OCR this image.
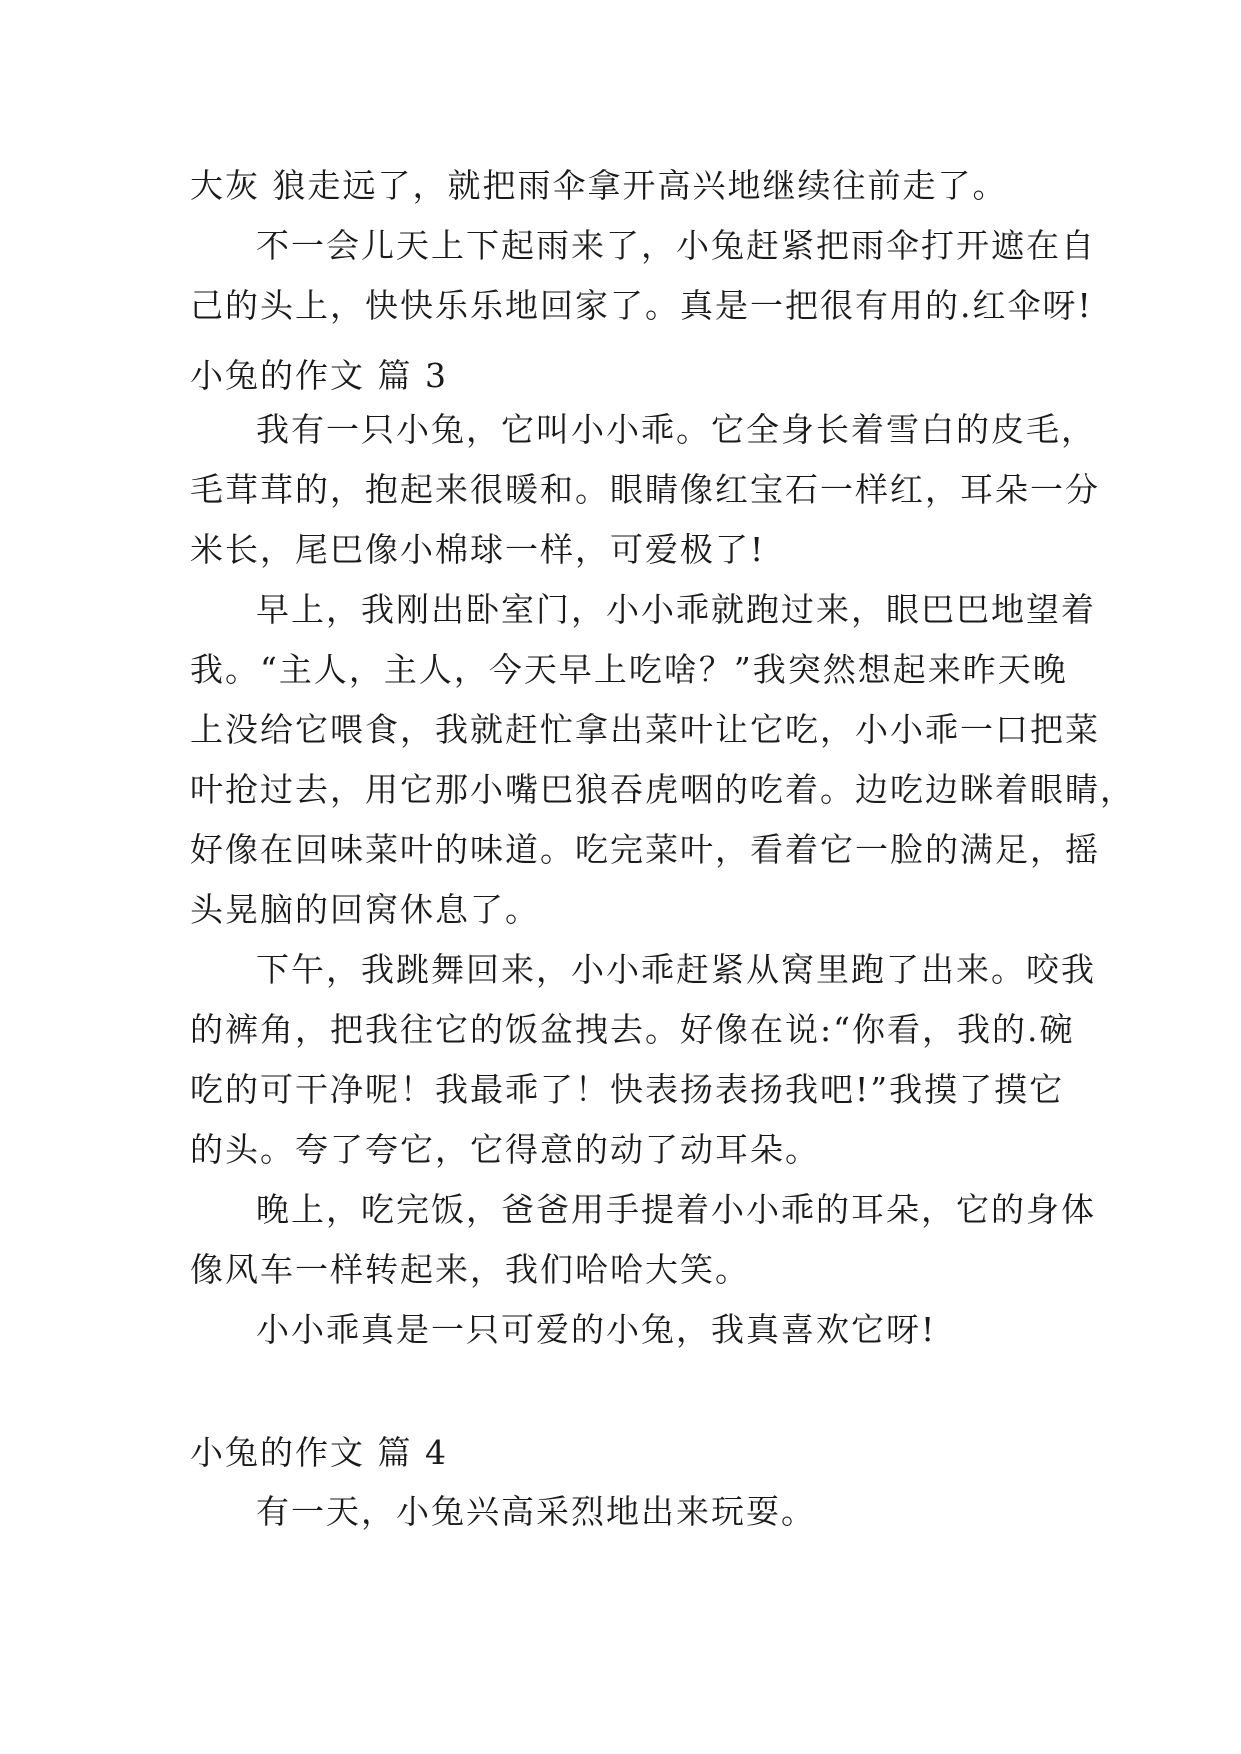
大灰 狼走远了，就把雨伞拿开高兴地继续往前走了。
不一会儿天上下起雨来了，小兔赶紧把雨伞打开遮在自
己的头上，快快乐乐地回家了。真是一把很有用的.红伞呀!
小兔的作文 篇 3
我有一只小兔，它叫小小乖。它全身长着雪白的皮毛，
毛茸茸的，抱起来很暖和。眼睛像红宝石一样红，耳朵一分
米长，尾巴像小棉球一样，可爱极了!
早上，我刚出卧室门，小小乖就跑过来，眼巴巴地望着
我。“主人，主人，今天早上吃啥？”我突然想起来昨天晚
上没给它喂食，我就赶忙拿出菜叶让它吃，小小乖一口把菜
叶抢过去，用它那小嘴巴狼吞虎咽的吃着。边吃边眯着眼睛，
好像在回味菜叶的味道。吃完菜叶，看着它一脸的满足，摇
头晃脑的回窝休息了。
下午，我跳舞回来，小小乖赶紧从窝里跑了出来。咬我
的裤角，把我往它的饭盆拽去。好像在说:“你看，我的.碗
吃的可干净呢！我最乖了！快表扬表扬我吧!”我摸了摸它
的头。夸了夸它，它得意的动了动耳朵。
晚上，吃完饭，爸爸用手提着小小乖的耳朵，它的身体
像风车一样转起来，我们哈哈大笑。
小小乖真是一只可爱的小兔，我真喜欢它呀!
小兔的作文 篇 4
有一天，小兔兴高采烈地出来玩耍。
